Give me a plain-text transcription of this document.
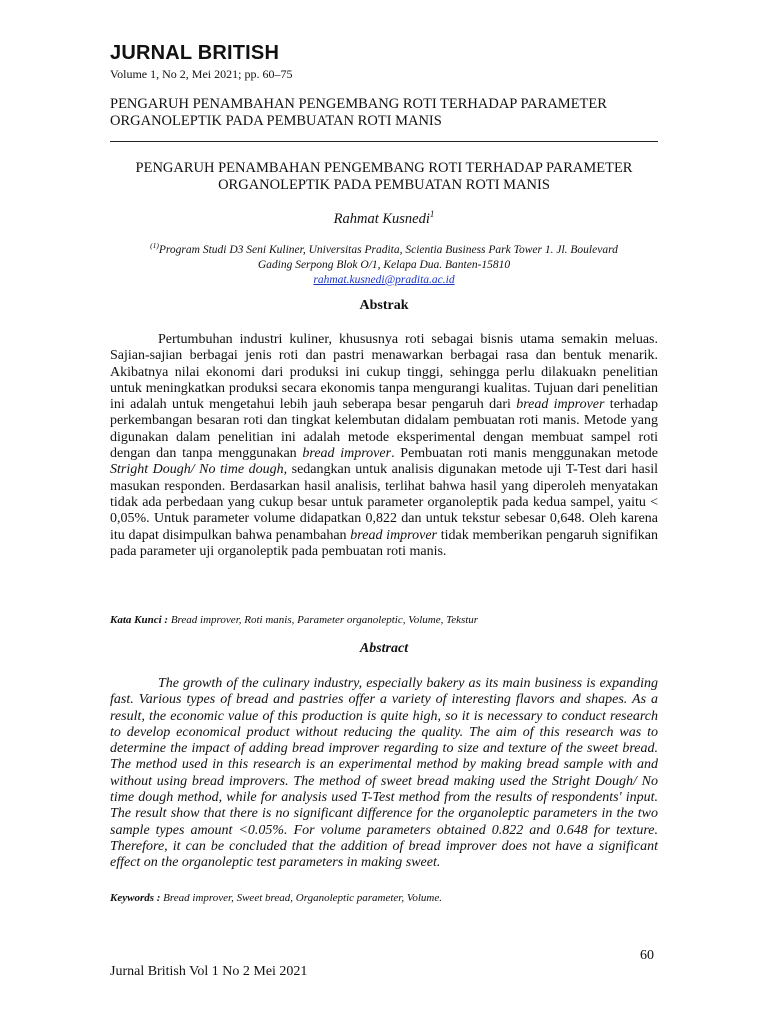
JURNAL BRITISH
Volume 1, No 2, Mei 2021; pp. 60–75
PENGARUH PENAMBAHAN PENGEMBANG ROTI TERHADAP PARAMETER
ORGANOLEPTIK PADA PEMBUATAN ROTI MANIS
PENGARUH PENAMBAHAN PENGEMBANG ROTI TERHADAP PARAMETER
ORGANOLEPTIK PADA PEMBUATAN ROTI MANIS
Rahmat Kusnedi$^1$
$^{(1)}$Program Studi D3 Seni Kuliner, Universitas Pradita, Scientia Business Park Tower 1. Jl. Boulevard
Gading Serpong Blok O/1, Kelapa Dua. Banten-15810
rahmat.kusnedi@pradita.ac.id
Abstrak

Pertumbuhan industri kuliner, khususnya roti sebagai bisnis utama semakin meluas. Sajian-sajian berbagai jenis roti dan pastri menawarkan berbagai rasa dan bentuk menarik. Akibatnya nilai ekonomi dari produksi ini cukup tinggi, sehingga perlu dilakuakn penelitian untuk meningkatkan produksi secara ekonomis tanpa mengurangi kualitas. Tujuan dari penelitian ini adalah untuk mengetahui lebih jauh seberapa besar pengaruh dari bread improver terhadap perkembangan besaran roti dan tingkat kelembutan didalam pembuatan roti manis. Metode yang digunakan dalam penelitian ini adalah metode eksperimental dengan membuat sampel roti dengan dan tanpa menggunakan bread improver. Pembuatan roti manis menggunakan metode Stright Dough/ No time dough, sedangkan untuk analisis digunakan metode uji T-Test dari hasil masukan responden. Berdasarkan hasil analisis, terlihat bahwa hasil yang diperoleh menyatakan tidak ada perbedaan yang cukup besar untuk parameter organoleptik pada kedua sampel, yaitu < 0,05%. Untuk parameter volume didapatkan 0,822 dan untuk tekstur sebesar 0,648. Oleh karena itu dapat disimpulkan bahwa penambahan bread improver tidak memberikan pengaruh signifikan pada parameter uji organoleptik pada pembuatan roti manis.

Kata Kunci : Bread improver, Roti manis, Parameter organoleptic, Volume, Tekstur
Abstract

The growth of the culinary industry, especially bakery as its main business is expanding fast. Various types of bread and pastries offer a variety of interesting flavors and shapes. As a result, the economic value of this production is quite high, so it is necessary to conduct research to develop economical product without reducing the quality. The aim of this research was to determine the impact of adding bread improver regarding to size and texture of the sweet bread. The method used in this research is an experimental method by making bread sample with and without using bread improvers. The method of sweet bread making used the Stright Dough/ No time dough method, while for analysis used T-Test method from the results of respondents' input. The result show that there is no significant difference for the organoleptic parameters in the two sample types amount <0.05%. For volume parameters obtained 0.822 and 0.648 for texture. Therefore, it can be concluded that the addition of bread improver does not have a significant effect on the organoleptic test parameters in making sweet.

Keywords : Bread improver, Sweet bread, Organoleptic parameter, Volume.
60
Jurnal British Vol 1 No 2 Mei 2021
